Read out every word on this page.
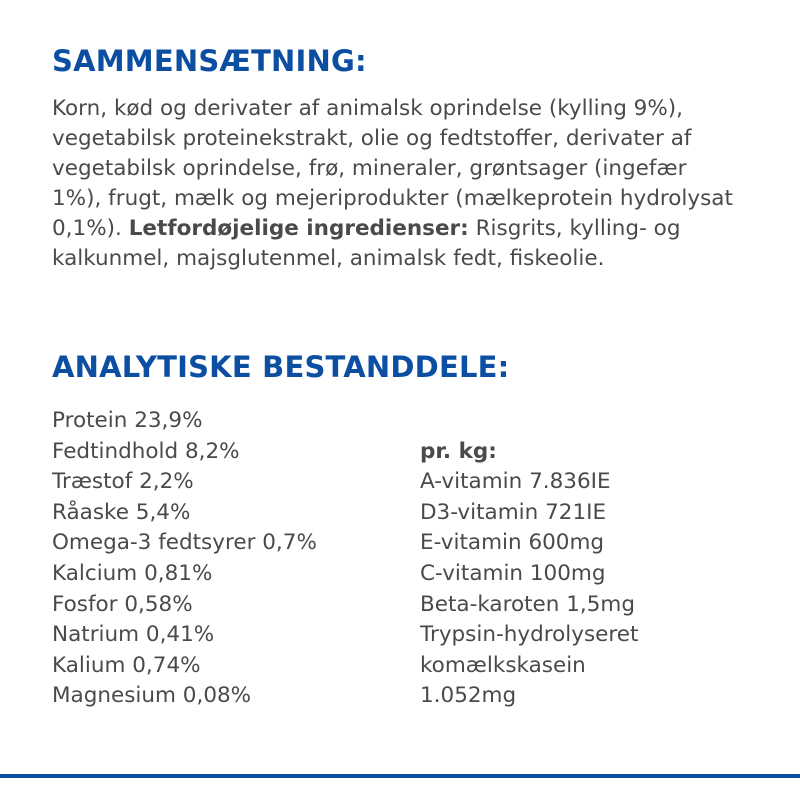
SAMMENSÆTNING:

Korn, kød og derivater af animalsk oprindelse (kylling 9%), vegetabilsk proteinekstrakt, olie og fedtstoffer, derivater af vegetabilsk oprindelse, frø, mineraler, grøntsager (ingefær 1%), frugt, mælk og mejeriprodukter (mælkeprotein hydrolysat 0,1%). Letfordøjelige ingredienser: Risgrits, kylling- og kalkunmel, majsglutenmel, animalsk fedt, fiskeolie.

ANALYTISKE BESTANDDELE:
Protein 23,9%
Fedtindhold 8,2%
Træstof 2,2%
Råaske 5,4%
Omega-3 fedtsyrer 0,7%
Kalcium 0,81%
Fosfor 0,58%
Natrium 0,41%
Kalium 0,74%
Magnesium 0,08%
pr. kg:
A-vitamin 7.836IE
D3-vitamin 721IE
E-vitamin 600mg
C-vitamin 100mg
Beta-karoten 1,5mg
Trypsin-hydrolyseret
komælkskasein
1.052mg
